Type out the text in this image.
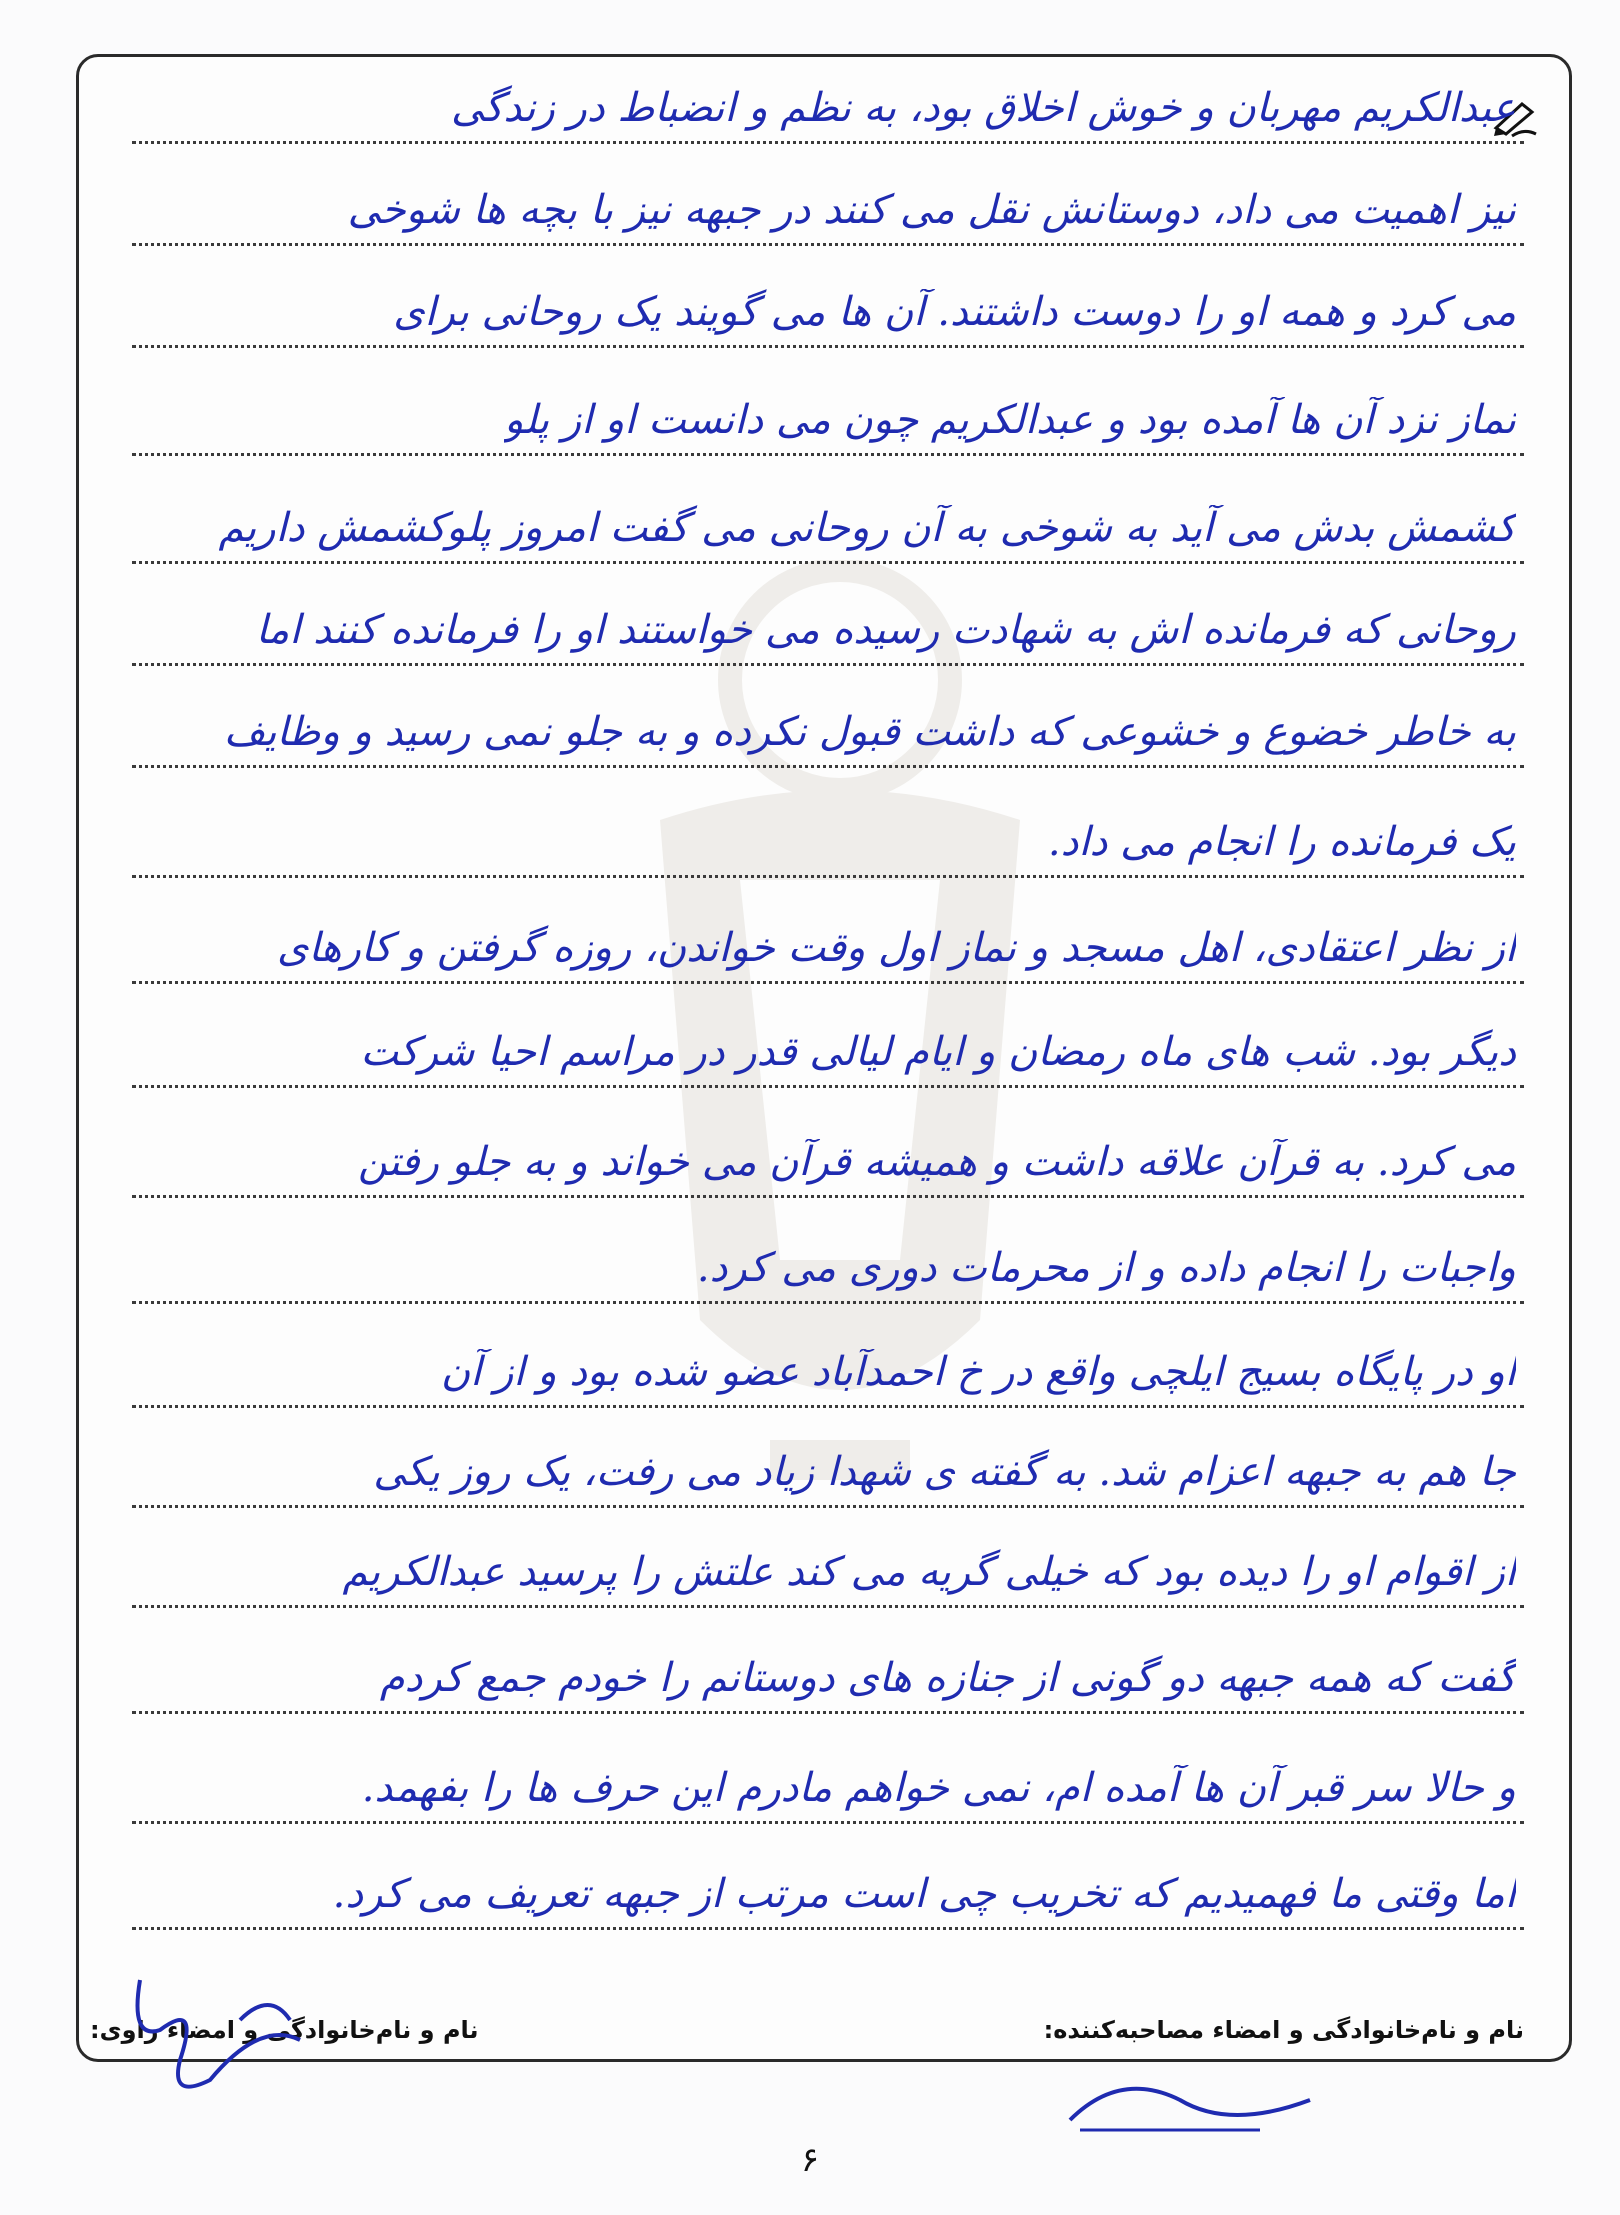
عبدالکریم مهربان و خوش اخلاق بود، به نظم و انضباط در زندگی
نیز اهمیت می داد، دوستانش نقل می کنند در جبهه نیز با بچه ها شوخی
می کرد و همه او را دوست داشتند. آن ها می گویند یک روحانی برای
نماز نزد آن ها آمده بود و عبدالکریم چون می دانست او از پلو
کشمش بدش می آید به شوخی به آن روحانی می گفت امروز پلوکشمش داریم
روحانی که فرمانده اش به شهادت رسیده می خواستند او را فرمانده کنند اما
به خاطر خضوع و خشوعی که داشت قبول نکرده و به جلو نمی رسید و وظایف
یک فرمانده را انجام می داد.
از نظر اعتقادی، اهل مسجد و نماز اول وقت خواندن، روزه گرفتن و کارهای
دیگر بود. شب های ماه رمضان و ایام لیالی قدر در مراسم احیا شرکت
می کرد. به قرآن علاقه داشت و همیشه قرآن می خواند و به جلو رفتن
واجبات را انجام داده و از محرمات دوری می کرد.
او در پایگاه بسیج ایلچی واقع در خ احمدآباد عضو شده بود و از آن
جا هم به جبهه اعزام شد. به گفته ی شهدا زیاد می رفت، یک روز یکی
از اقوام او را دیده بود که خیلی گریه می کند علتش را پرسید عبدالکریم
گفت که همه جبهه دو گونی از جنازه های دوستانم را خودم جمع کردم
و حالا سر قبر آن ها آمده ام، نمی خواهم مادرم این حرف ها را بفهمد.
اما وقتی ما فهمیدیم که تخریب چی است مرتب از جبهه تعریف می کرد.
نام و نام‌خانوادگی و امضاء مصاحبه‌کننده:
نام و نام‌خانوادگی و امضاء راوی:
۶
